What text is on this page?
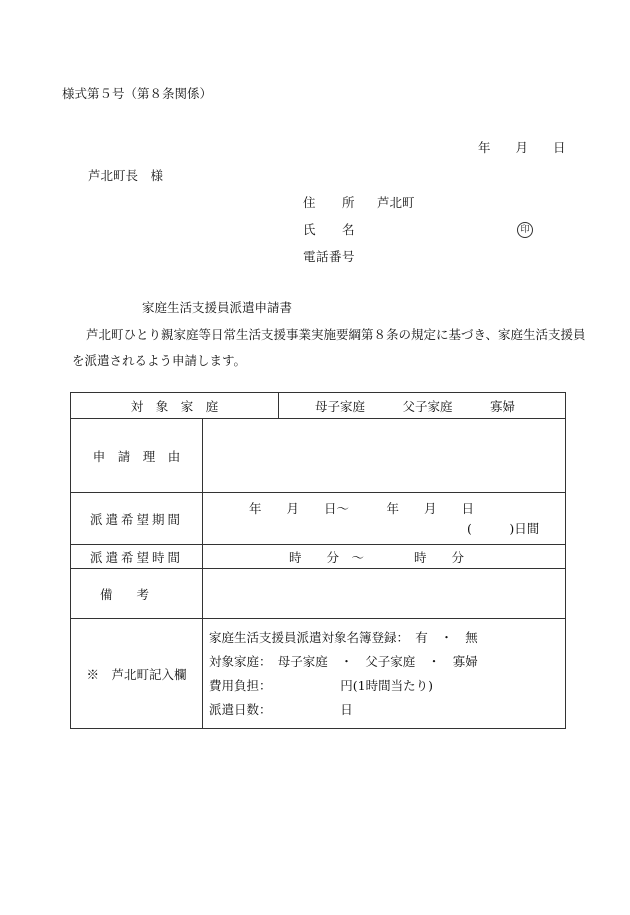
様式第５号（第８条関係）
年　　月　　日
芦北町長　様
住　　所 芦北町
氏　　名	印
電話番号
家庭生活支援員派遣申請書
芦北町ひとり親家庭等日常生活支援事業実施要綱第８条の規定に基づき、家庭生活支援員を派遣されるよう申請します。
対　象　家　庭		母子家庭　　　父子家庭　　　寡婦
申　請　理　由		
派遣希望期間	年　　月　　日～　　　年　　月　　日
(　　　)日間	

派遣希望時間	時　　分　～　　　　時　　分	
備考		
※　芦北町記入欄	家庭生活支援員派遣対象名簿登録：　有　・　無
対象家庭：　母子家庭　・　父子家庭　・　寡婦
費用負担：　　　　　　円(1時間当たり)
派遣日数：　　　　　　日	
